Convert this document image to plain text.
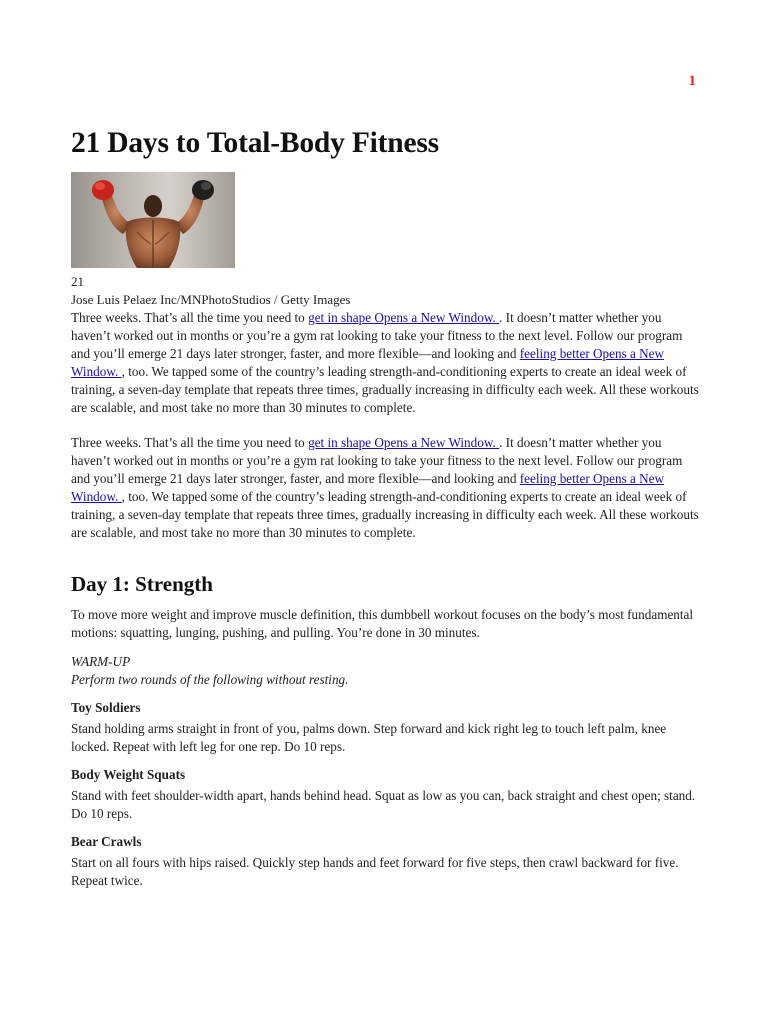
1
21 Days to Total-Body Fitness
21
Jose Luis Pelaez Inc/MNPhotoStudios / Getty Images

Three weeks. That’s all the time you need to get in shape Opens a New Window. . It doesn’t matter whether you haven’t worked out in months or you’re a gym rat looking to take your fitness to the next level. Follow our program and you’ll emerge 21 days later stronger, faster, and more flexible—and looking and feeling better Opens a New Window. , too. We tapped some of the country’s leading strength-and-conditioning experts to create an ideal week of training, a seven-day template that repeats three times, gradually increasing in difficulty each week. All these workouts are scalable, and most take no more than 30 minutes to complete.

Three weeks. That’s all the time you need to get in shape Opens a New Window. . It doesn’t matter whether you haven’t worked out in months or you’re a gym rat looking to take your fitness to the next level. Follow our program and you’ll emerge 21 days later stronger, faster, and more flexible—and looking and feeling better Opens a New Window. , too. We tapped some of the country’s leading strength-and-conditioning experts to create an ideal week of training, a seven-day template that repeats three times, gradually increasing in difficulty each week. All these workouts are scalable, and most take no more than 30 minutes to complete.

Day 1: Strength

To move more weight and improve muscle definition, this dumbbell workout focuses on the body’s most fundamental motions: squatting, lunging, pushing, and pulling. You’re done in 30 minutes.

WARM-UP

Perform two rounds of the following without resting.

Toy Soldiers

Stand holding arms straight in front of you, palms down. Step forward and kick right leg to touch left palm, knee locked. Repeat with left leg for one rep. Do 10 reps.

Body Weight Squats

Stand with feet shoulder-width apart, hands behind head. Squat as low as you can, back straight and chest open; stand. Do 10 reps.

Bear Crawls

Start on all fours with hips raised. Quickly step hands and feet forward for five steps, then crawl backward for five. Repeat twice.
